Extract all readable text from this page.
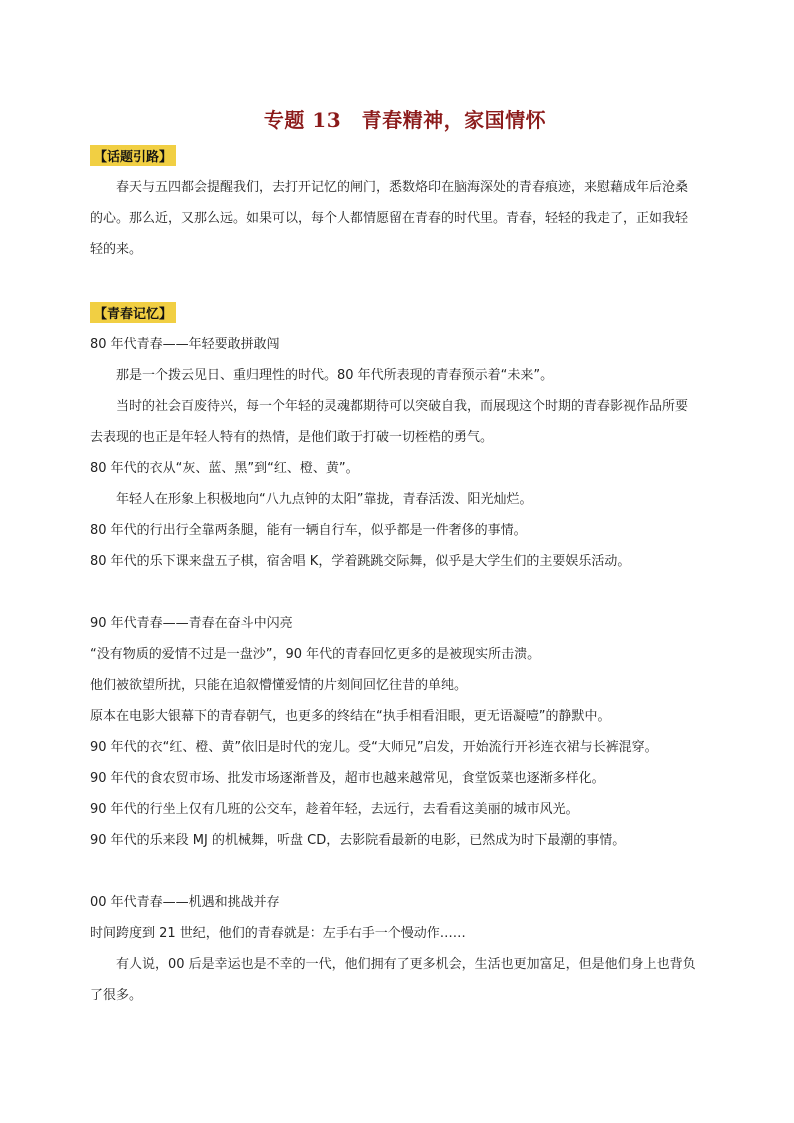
专题 13　青春精神，家国情怀
【话题引路】

春天与五四都会提醒我们，去打开记忆的闸门，悉数烙印在脑海深处的青春痕迹，来慰藉成年后沧桑

的心。那么近，又那么远。如果可以，每个人都情愿留在青春的时代里。青春，轻轻的我走了，正如我轻

轻的来。

【青春记忆】

80 年代青春——年轻要敢拼敢闯

那是一个拨云见日、重归理性的时代。80 年代所表现的青春预示着“未来”。

当时的社会百废待兴，每一个年轻的灵魂都期待可以突破自我，而展现这个时期的青春影视作品所要

去表现的也正是年轻人特有的热情，是他们敢于打破一切桎梏的勇气。

80 年代的衣从“灰、蓝、黑”到“红、橙、黄”。

年轻人在形象上积极地向“八九点钟的太阳”靠拢，青春活泼、阳光灿烂。

80 年代的行出行全靠两条腿，能有一辆自行车，似乎都是一件奢侈的事情。

80 年代的乐下课来盘五子棋，宿舍唱 K，学着跳跳交际舞，似乎是大学生们的主要娱乐活动。

90 年代青春——青春在奋斗中闪亮

“没有物质的爱情不过是一盘沙”，90 年代的青春回忆更多的是被现实所击溃。

他们被欲望所扰，只能在追叙懵懂爱情的片刻间回忆往昔的单纯。

原本在电影大银幕下的青春朝气，也更多的终结在“执手相看泪眼，更无语凝噎”的静默中。

90 年代的衣“红、橙、黄”依旧是时代的宠儿。受“大师兄”启发，开始流行开衫连衣裙与长裤混穿。

90 年代的食农贸市场、批发市场逐渐普及，超市也越来越常见，食堂饭菜也逐渐多样化。

90 年代的行坐上仅有几班的公交车，趁着年轻，去远行，去看看这美丽的城市风光。

90 年代的乐来段 MJ 的机械舞，听盘 CD，去影院看最新的电影，已然成为时下最潮的事情。

00 年代青春——机遇和挑战并存

时间跨度到 21 世纪，他们的青春就是：左手右手一个慢动作……

有人说，00 后是幸运也是不幸的一代，他们拥有了更多机会，生活也更加富足，但是他们身上也背负

了很多。
